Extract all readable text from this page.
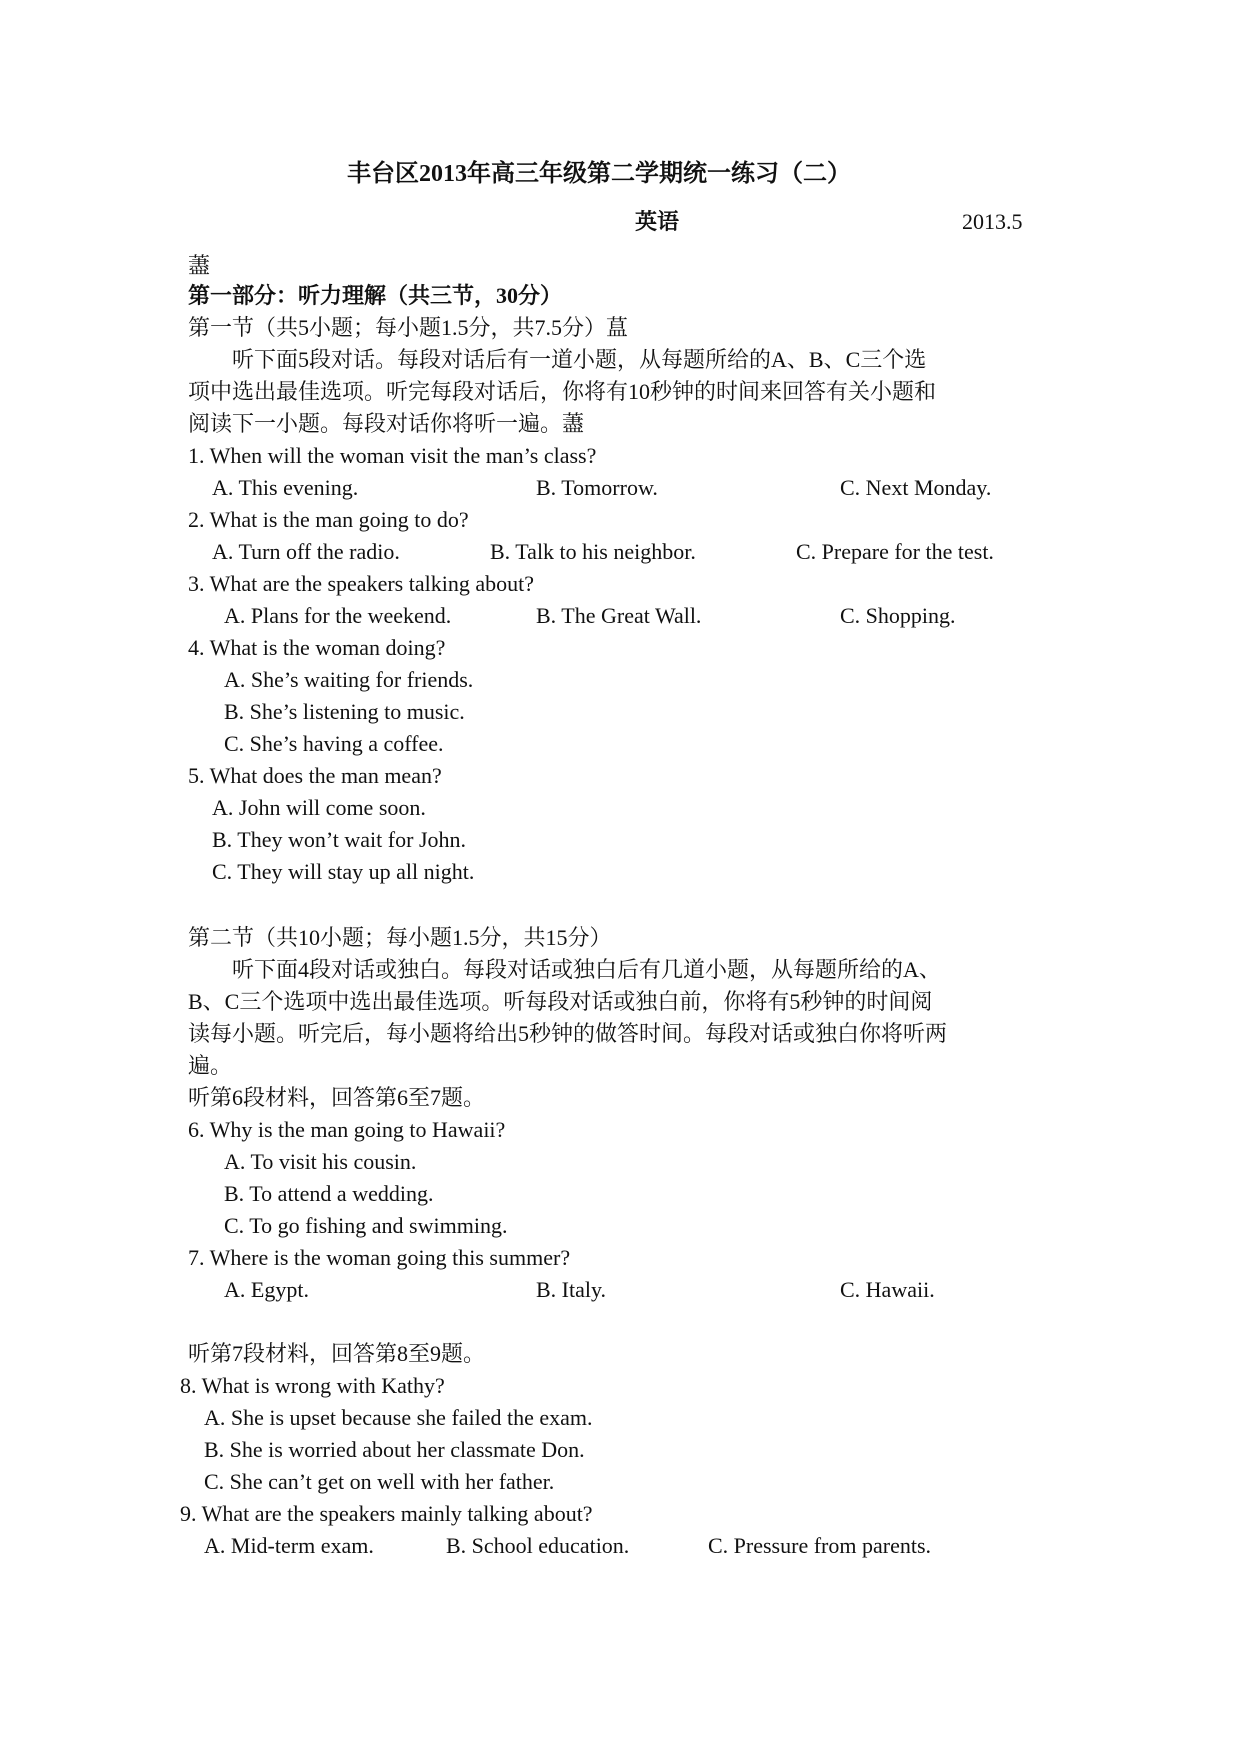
丰台区2013年高三年级第二学期统一练习（二）
英语	2013.5
藎
第一部分：听力理解（共三节，30分）
第一节（共5小题；每小题1.5分，共7.5分）蒀
听下面5段对话。每段对话后有一道小题，从每题所给的A、B、C三个选
项中选出最佳选项。听完每段对话后，你将有10秒钟的时间来回答有关小题和
阅读下一小题。每段对话你将听一遍。藎
1. When will the woman visit the man’s class?
A. This evening.	B. Tomorrow.	C. Next Monday.
2. What is the man going to do?
A. Turn off the radio.	B. Talk to his neighbor.	C. Prepare for the test.
3. What are the speakers talking about?
A. Plans for the weekend.	B. The Great Wall.	C. Shopping.
4. What is the woman doing?
A. She’s waiting for friends.
B. She’s listening to music.
C. She’s having a coffee.
5. What does the man mean?
A. John will come soon.
B. They won’t wait for John.
C. They will stay up all night.
第二节（共10小题；每小题1.5分，共15分）
听下面4段对话或独白。每段对话或独白后有几道小题，从每题所给的A、
B、C三个选项中选出最佳选项。听每段对话或独白前，你将有5秒钟的时间阅
读每小题。听完后，每小题将给出5秒钟的做答时间。每段对话或独白你将听两
遍。
听第6段材料，回答第6至7题。
6. Why is the man going to Hawaii?
A. To visit his cousin.
B. To attend a wedding.
C. To go fishing and swimming.
7. Where is the woman going this summer?
A. Egypt.	B. Italy.	C. Hawaii.
听第7段材料，回答第8至9题。
8. What is wrong with Kathy?
A. She is upset because she failed the exam.
B. She is worried about her classmate Don.
C. She can’t get on well with her father.
9. What are the speakers mainly talking about?
A. Mid-term exam.	B. School education.	C. Pressure from parents.
